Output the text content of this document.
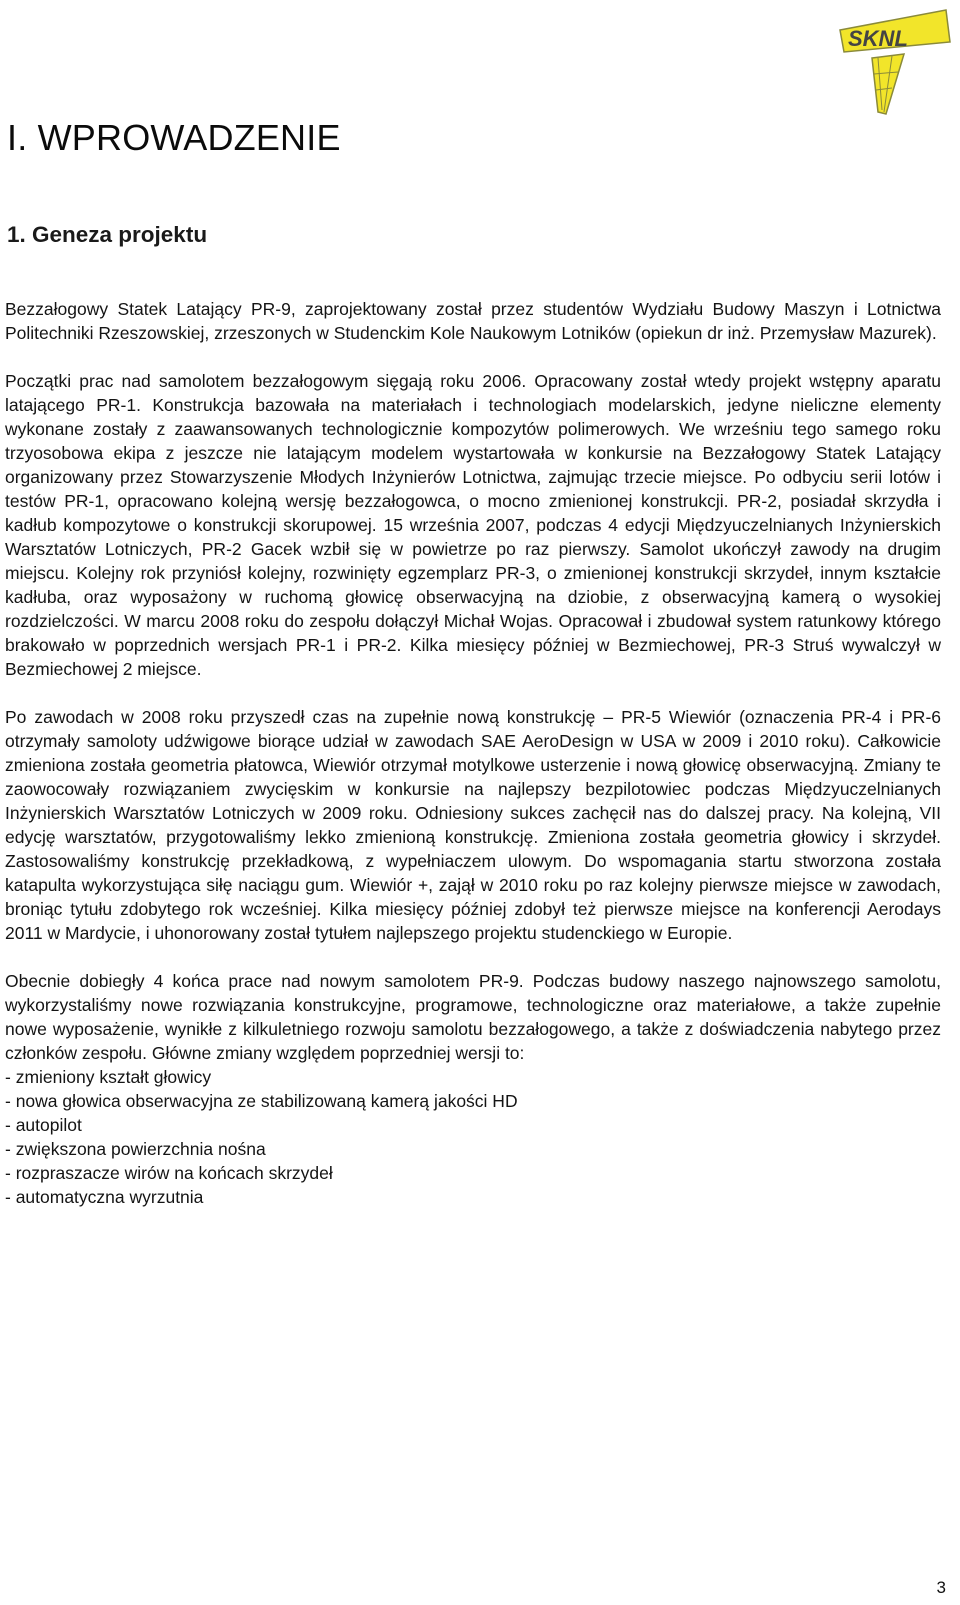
SKNL
I. WPROWADZENIE
1. Geneza projektu

Bezzałogowy Statek Latający PR-9, zaprojektowany został przez studentów Wydziału Budowy Maszyn i Lotnictwa Politechniki Rzeszowskiej, zrzeszonych w Studenckim Kole Naukowym Lotników (opiekun dr inż. Przemysław Mazurek).

Początki prac nad samolotem bezzałogowym sięgają roku 2006. Opracowany został wtedy projekt wstępny aparatu latającego PR-1. Konstrukcja bazowała na materiałach i technologiach modelarskich, jedyne nieliczne elementy wykonane zostały z zaawansowanych technologicznie kompozytów polimerowych. We wrześniu tego samego roku trzyosobowa ekipa z jeszcze nie latającym modelem wystartowała w konkursie na Bezzałogowy Statek Latający organizowany przez Stowarzyszenie Młodych Inżynierów Lotnictwa, zajmując trzecie miejsce. Po odbyciu serii lotów i testów PR-1, opracowano kolejną wersję bezzałogowca, o mocno zmienionej konstrukcji. PR-2, posiadał skrzydła i kadłub kompozytowe o konstrukcji skorupowej. 15 września 2007, podczas 4 edycji Międzyuczelnianych Inżynierskich Warsztatów Lotniczych, PR-2 Gacek wzbił się w powietrze po raz pierwszy. Samolot ukończył zawody na drugim miejscu. Kolejny rok przyniósł kolejny, rozwinięty egzemplarz PR-3, o zmienionej konstrukcji skrzydeł, innym kształcie kadłuba, oraz wyposażony w ruchomą głowicę obserwacyjną na dziobie, z obserwacyjną kamerą o wysokiej rozdzielczości. W marcu 2008 roku do zespołu dołączył Michał Wojas. Opracował i zbudował system ratunkowy którego brakowało w poprzednich wersjach PR-1 i PR-2. Kilka miesięcy później w Bezmiechowej, PR-3 Struś wywalczył w Bezmiechowej 2 miejsce.

Po zawodach w 2008 roku przyszedł czas na zupełnie nową konstrukcję – PR-5 Wiewiór (oznaczenia PR-4 i PR-6 otrzymały samoloty udźwigowe biorące udział w zawodach SAE AeroDesign w USA w 2009 i 2010 roku). Całkowicie zmieniona została geometria płatowca, Wiewiór otrzymał motylkowe usterzenie i nową głowicę obserwacyjną. Zmiany te zaowocowały rozwiązaniem zwycięskim w konkursie na najlepszy bezpilotowiec podczas Międzyuczelnianych Inżynierskich Warsztatów Lotniczych w 2009 roku. Odniesiony sukces zachęcił nas do dalszej pracy. Na kolejną, VII edycję warsztatów, przygotowaliśmy lekko zmienioną konstrukcję. Zmieniona została geometria głowicy i skrzydeł. Zastosowaliśmy konstrukcję przekładkową, z wypełniaczem ulowym. Do wspomagania startu stworzona została katapulta wykorzystująca siłę naciągu gum. Wiewiór +, zajął w 2010 roku po raz kolejny pierwsze miejsce w zawodach, broniąc tytułu zdobytego rok wcześniej. Kilka miesięcy później zdobył też pierwsze miejsce na konferencji Aerodays 2011 w Mardycie, i uhonorowany został tytułem najlepszego projektu studenckiego w Europie.

Obecnie dobiegły 4 końca prace nad nowym samolotem PR-9. Podczas budowy naszego najnowszego samolotu, wykorzystaliśmy nowe rozwiązania konstrukcyjne, programowe, technologiczne oraz materiałowe, a także zupełnie nowe wyposażenie, wynikłe z kilkuletniego rozwoju samolotu bezzałogowego, a także z doświadczenia nabytego przez członków zespołu. Główne zmiany względem poprzedniej wersji to:

- zmieniony kształt głowicy
- nowa głowica obserwacyjna ze stabilizowaną kamerą jakości HD
- autopilot
- zwiększona powierzchnia nośna
- rozpraszacze wirów na końcach skrzydeł
- automatyczna wyrzutnia
3
